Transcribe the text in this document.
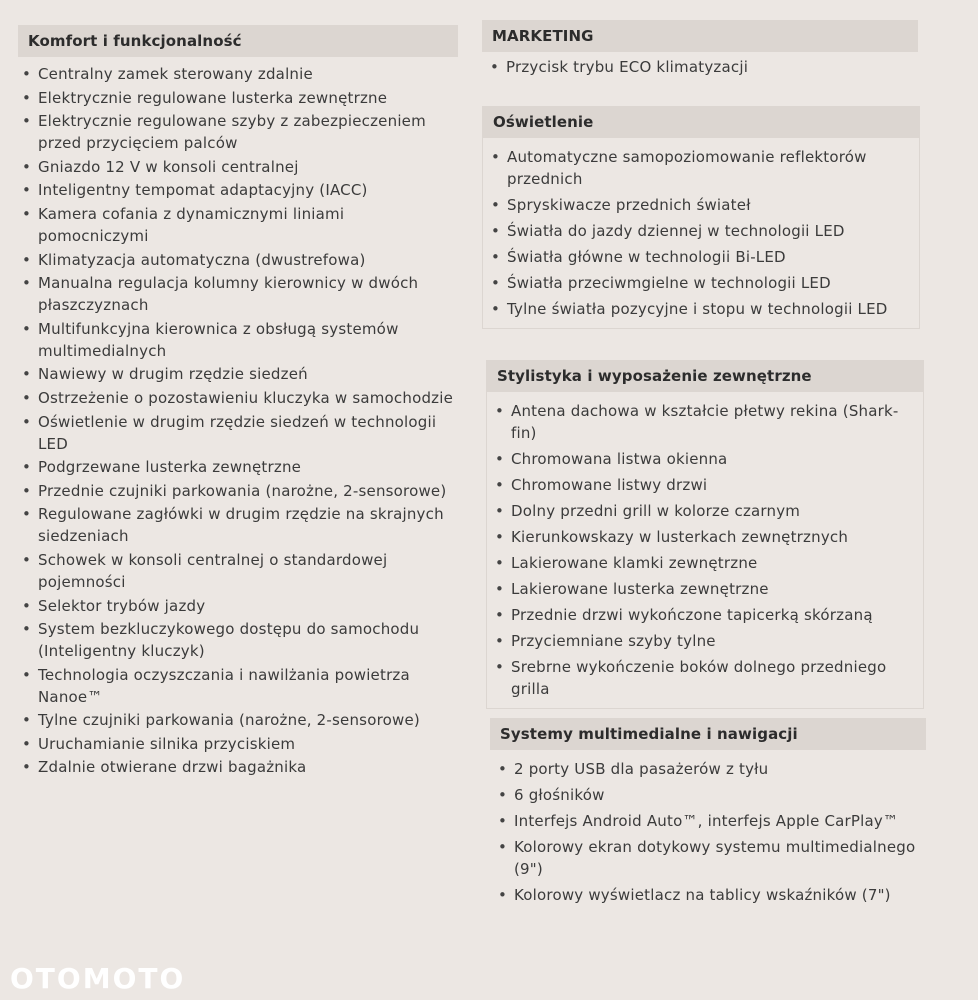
Komfort i funkcjonalność
• Centralny zamek sterowany zdalnie
• Elektrycznie regulowane lusterka zewnętrzne
• Elektrycznie regulowane szyby z zabezpieczeniem przed przycięciem palców
• Gniazdo 12 V w konsoli centralnej
• Inteligentny tempomat adaptacyjny (IACC)
• Kamera cofania z dynamicznymi liniami pomocniczymi
• Klimatyzacja automatyczna (dwustrefowa)
• Manualna regulacja kolumny kierownicy w dwóch płaszczyznach
• Multifunkcyjna kierownica z obsługą systemów multimedialnych
• Nawiewy w drugim rzędzie siedzeń
• Ostrzeżenie o pozostawieniu kluczyka w samochodzie
• Oświetlenie w drugim rzędzie siedzeń w technologii LED
• Podgrzewane lusterka zewnętrzne
• Przednie czujniki parkowania (narożne, 2-sensorowe)
• Regulowane zagłówki w drugim rzędzie na skrajnych siedzeniach
• Schowek w konsoli centralnej o standardowej pojemności
• Selektor trybów jazdy
• System bezkluczykowego dostępu do samochodu (Inteligentny kluczyk)
• Technologia oczyszczania i nawilżania powietrza Nanoe™
• Tylne czujniki parkowania (narożne, 2-sensorowe)
• Uruchamianie silnika przyciskiem
• Zdalnie otwierane drzwi bagażnika
MARKETING
• Przycisk trybu ECO klimatyzacji
Oświetlenie
• Automatyczne samopoziomowanie reflektorów przednich
• Spryskiwacze przednich świateł
• Światła do jazdy dziennej w technologii LED
• Światła główne w technologii Bi-LED
• Światła przeciwmgielne w technologii LED
• Tylne światła pozycyjne i stopu w technologii LED
Stylistyka i wyposażenie zewnętrzne
• Antena dachowa w kształcie płetwy rekina (Shark-fin)
• Chromowana listwa okienna
• Chromowane listwy drzwi
• Dolny przedni grill w kolorze czarnym
• Kierunkowskazy w lusterkach zewnętrznych
• Lakierowane klamki zewnętrzne
• Lakierowane lusterka zewnętrzne
• Przednie drzwi wykończone tapicerką skórzaną
• Przyciemniane szyby tylne
• Srebrne wykończenie boków dolnego przedniego grilla
Systemy multimedialne i nawigacji
• 2 porty USB dla pasażerów z tyłu
• 6 głośników
• Interfejs Android Auto™, interfejs Apple CarPlay™
• Kolorowy ekran dotykowy systemu multimedialnego (9")
• Kolorowy wyświetlacz na tablicy wskaźników (7")
OTOMOTO
